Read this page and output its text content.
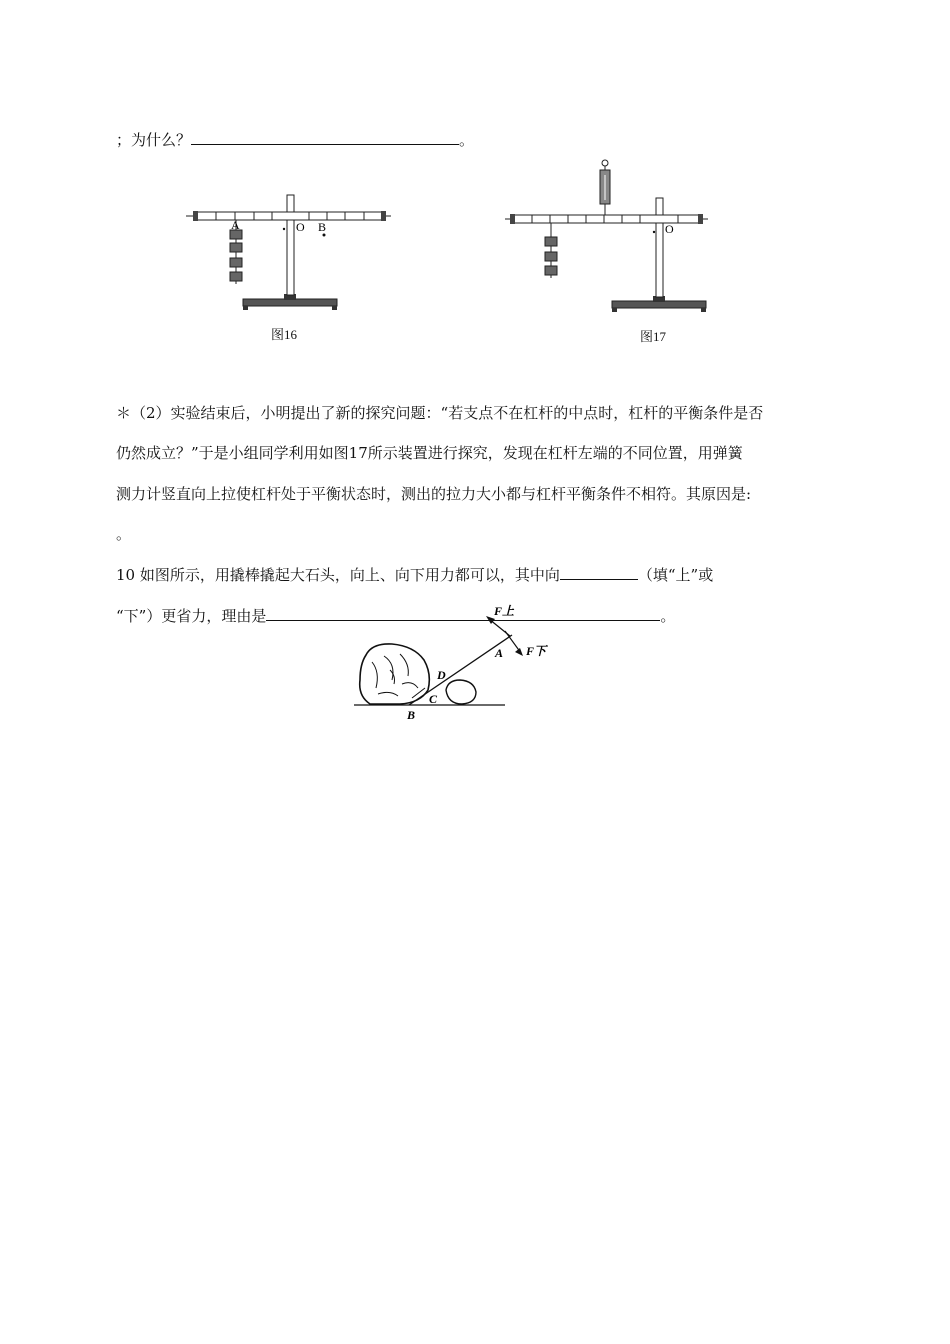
；为什么？	。
A	O B	O
F上
F下
A
D
C
B
图16	图17
＊（2）实验结束后，小明提出了新的探究问题：“若支点不在杠杆的中点时，杠杆的平衡条件是否
仍然成立？”于是小组同学利用如图17所示装置进行探究，发现在杠杆左端的不同位置，用弹簧
测力计竖直向上拉使杠杆处于平衡状态时，测出的拉力大小都与杠杆平衡条件不相符。其原因是:
。
10 如图所示，用撬棒撬起大石头，向上、向下用力都可以，其中向	（填“上”或
“下”）更省力，理由是	。
